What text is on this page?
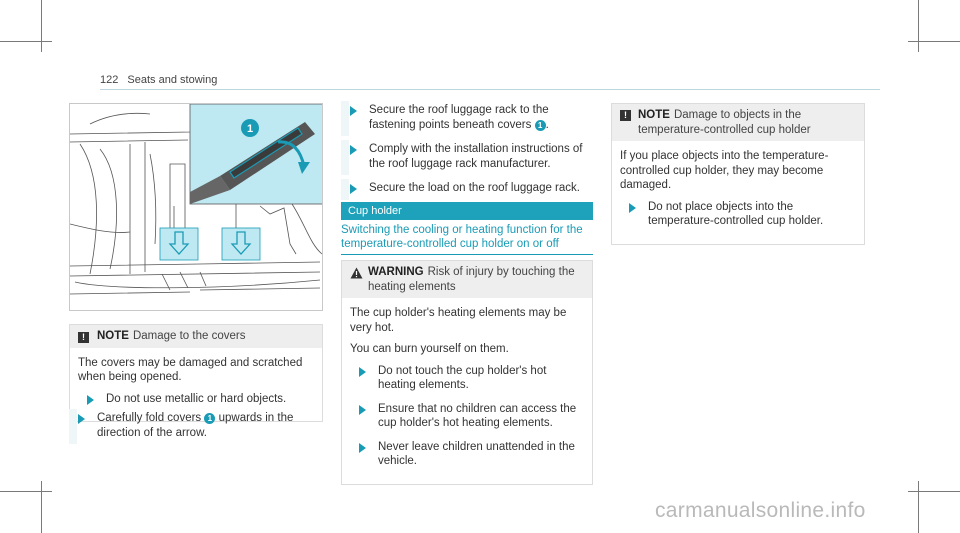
122 Seats and stowing
1
! NOTE Damage to the covers
The covers may be damaged and scratched when being opened.
Do not use metallic or hard objects.
Carefully fold covers 1 upwards in the direction of the arrow.
Secure the roof luggage rack to the fastening points beneath covers 1 .
Comply with the installation instructions of the roof luggage rack manufacturer.
Secure the load on the roof luggage rack.
Cup holder
Switching the cooling or heating function for the temperature-controlled cup holder on or off
WARNING Risk of injury by touching the heating elements
The cup holder's heating elements may be very hot.
You can burn yourself on them.
Do not touch the cup holder's hot heating elements.
Ensure that no children can access the cup holder's hot heating elements.
Never leave children unattended in the vehicle.
! NOTE Damage to objects in the temperature-controlled cup holder
If you place objects into the temperature-controlled cup holder, they may become damaged.
Do not place objects into the temperature-controlled cup holder.
carmanualsonline.info
